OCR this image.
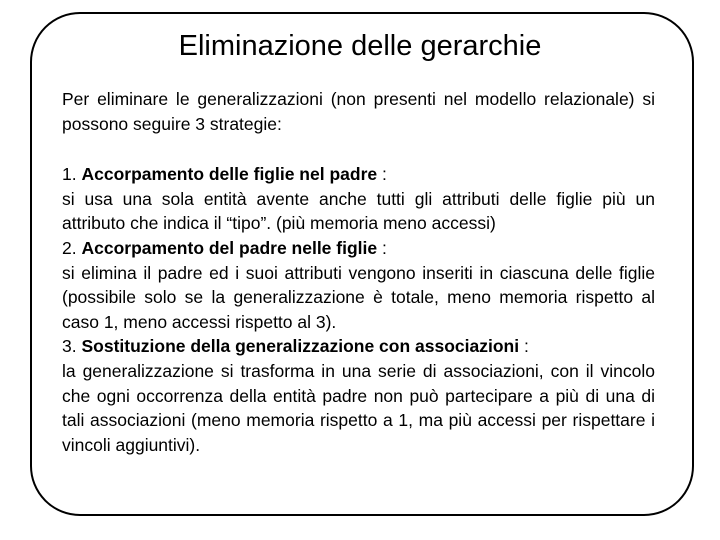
Eliminazione delle gerarchie

Per eliminare le generalizzazioni (non presenti nel modello relazionale) si possono seguire 3 strategie:

1. Accorpamento delle figlie nel padre :

si usa una sola entità avente anche tutti gli attributi delle figlie più un attributo che indica il “tipo”. (più memoria meno accessi)

2. Accorpamento del padre nelle figlie :

si elimina il padre ed i suoi attributi vengono inseriti in ciascuna delle figlie (possibile solo se la generalizzazione è totale, meno memoria rispetto al caso 1, meno accessi rispetto al 3).

3. Sostituzione della generalizzazione con associazioni :

la generalizzazione si trasforma in una serie di associazioni, con il vincolo che ogni occorrenza della entità padre non può partecipare a più di una di tali associazioni (meno memoria rispetto a 1, ma più accessi per rispettare i vincoli aggiuntivi).
